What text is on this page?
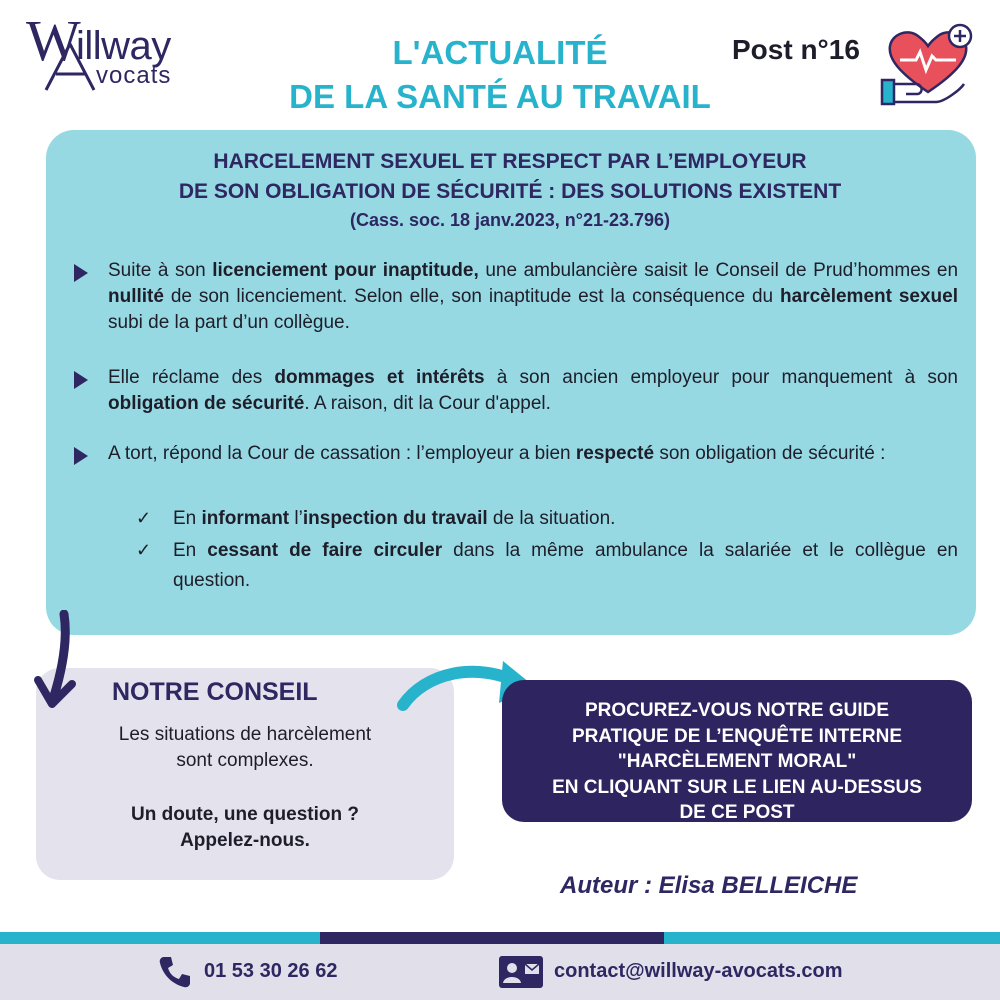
W
illway
vocats
L'ACTUALITÉ
DE LA SANTÉ AU TRAVAIL
Post n°16
HARCELEMENT SEXUEL ET RESPECT PAR L’EMPLOYEUR
DE SON OBLIGATION DE SÉCURITÉ : DES SOLUTIONS EXISTENT
(Cass. soc. 18 janv.2023, n°21-23.796)
Suite à son licenciement pour inaptitude, une ambulancière saisit le Conseil de Prud’hommes en nullité de son licenciement. Selon elle, son inaptitude est la conséquence du harcèlement sexuel subi de la part d’un collègue.
Elle réclame des dommages et intérêts à son ancien employeur pour manquement à son obligation de sécurité. A raison, dit la Cour d'appel.
A tort, répond la Cour de cassation : l’employeur a bien respecté son obligation de sécurité :
✓ En informant l’inspection du travail de la situation.
✓ En cessant de faire circuler dans la même ambulance la salariée et le collègue en question.
NOTRE CONSEIL
Les situations de harcèlement
sont complexes.
Un doute, une question ?
Appelez-nous.
PROCUREZ-VOUS NOTRE GUIDE
PRATIQUE DE L’ENQUÊTE INTERNE
"HARCÈLEMENT MORAL"
EN CLIQUANT SUR LE LIEN AU-DESSUS
DE CE POST
Auteur : Elisa BELLEICHE
01 53 30 26 62	contact@willway-avocats.com
